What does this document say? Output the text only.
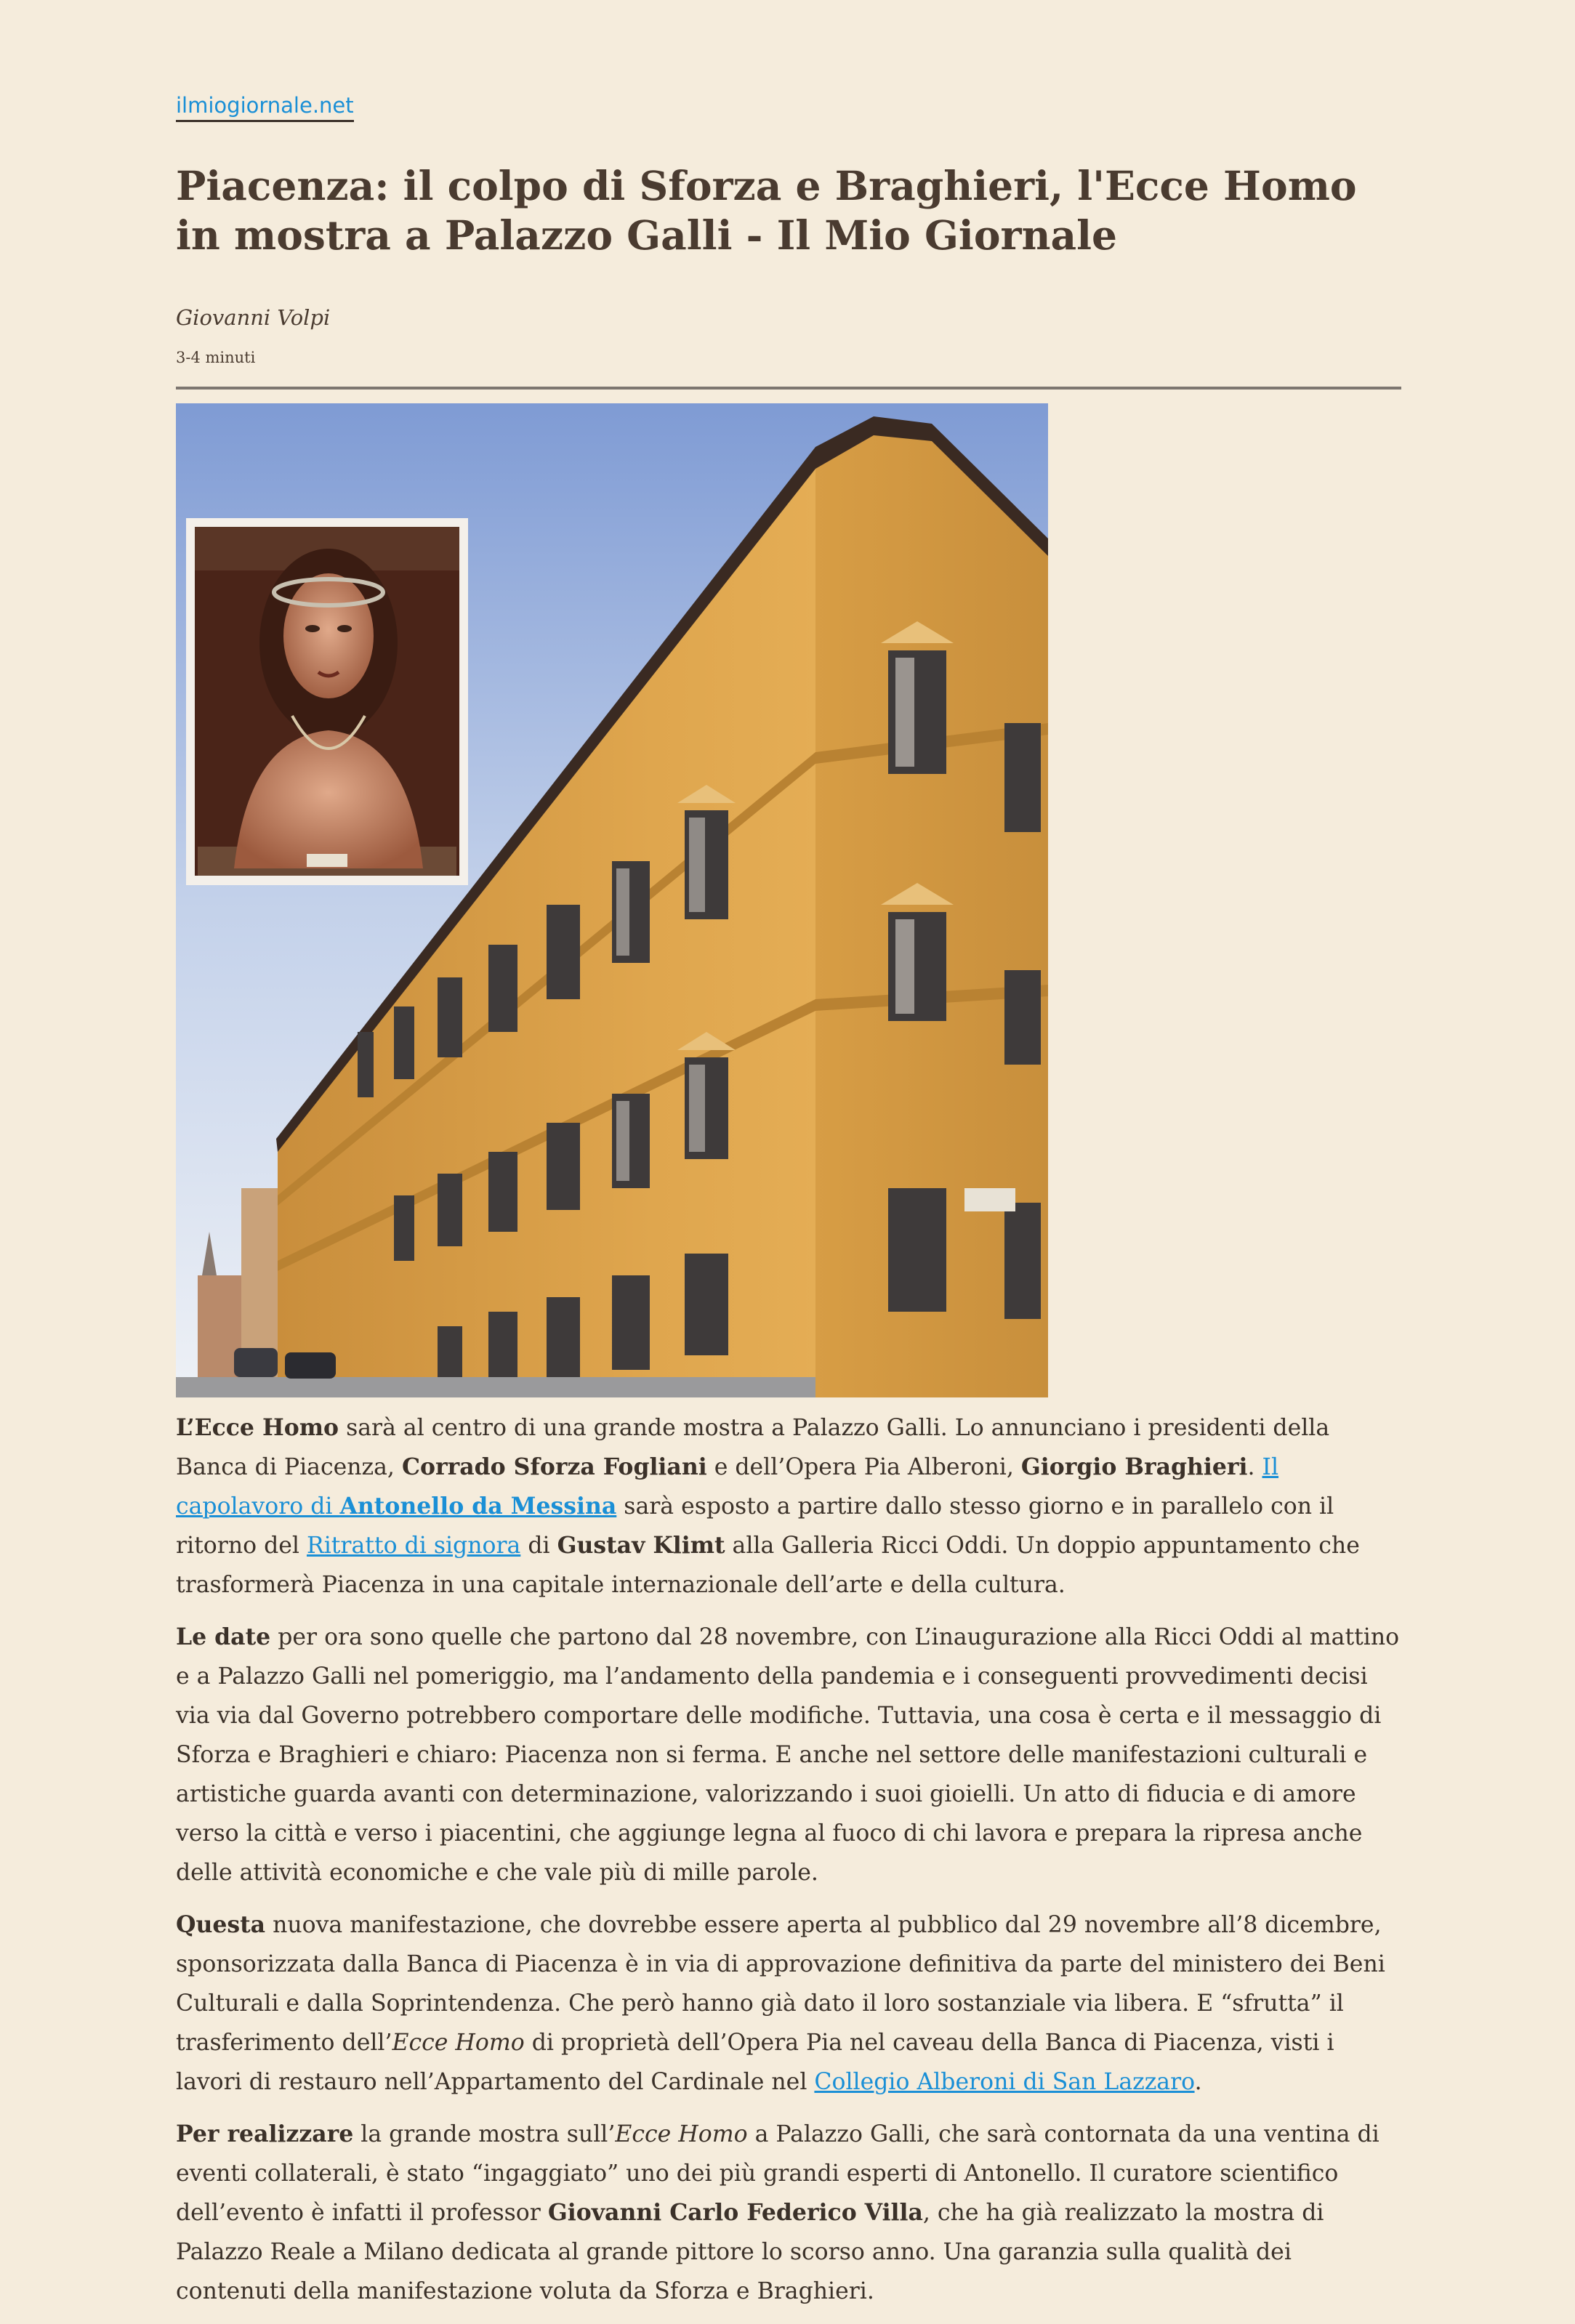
ilmiogiornale.net
Piacenza: il colpo di Sforza e Braghieri, l'Ecce Homo in mostra a Palazzo Galli - Il Mio Giornale
Giovanni Volpi
3-4 minuti

L’Ecce Homo sarà al centro di una grande mostra a Palazzo Galli. Lo annunciano i presidenti della Banca di Piacenza, Corrado Sforza Fogliani e dell’Opera Pia Alberoni, Giorgio Braghieri. Il capolavoro di Antonello da Messina sarà esposto a partire dallo stesso giorno e in parallelo con il ritorno del Ritratto di signora di Gustav Klimt alla Galleria Ricci Oddi. Un doppio appuntamento che trasformerà Piacenza in una capitale internazionale dell’arte e della cultura.

Le date per ora sono quelle che partono dal 28 novembre, con L’inaugurazione alla Ricci Oddi al mattino e a Palazzo Galli nel pomeriggio, ma l’andamento della pandemia e i conseguenti provvedimenti decisi via via dal Governo potrebbero comportare delle modifiche. Tuttavia, una cosa è certa e il messaggio di Sforza e Braghieri e chiaro: Piacenza non si ferma. E anche nel settore delle manifestazioni culturali e artistiche guarda avanti con determinazione, valorizzando i suoi gioielli. Un atto di fiducia e di amore verso la città e verso i piacentini, che aggiunge legna al fuoco di chi lavora e prepara la ripresa anche delle attività economiche e che vale più di mille parole.

Questa nuova manifestazione, che dovrebbe essere aperta al pubblico dal 29 novembre all’8 dicembre, sponsorizzata dalla Banca di Piacenza è in via di approvazione definitiva da parte del ministero dei Beni Culturali e dalla Soprintendenza. Che però hanno già dato il loro sostanziale via libera. E “sfrutta” il trasferimento dell’Ecce Homo di proprietà dell’Opera Pia nel caveau della Banca di Piacenza, visti i lavori di restauro nell’Appartamento del Cardinale nel Collegio Alberoni di San Lazzaro.

Per realizzare la grande mostra sull’Ecce Homo a Palazzo Galli, che sarà contornata da una ventina di eventi collaterali, è stato “ingaggiato” uno dei più grandi esperti di Antonello. Il curatore scientifico dell’evento è infatti il professor Giovanni Carlo Federico Villa, che ha già realizzato la mostra di Palazzo Reale a Milano dedicata al grande pittore lo scorso anno. Una garanzia sulla qualità dei contenuti della manifestazione voluta da Sforza e Braghieri.
